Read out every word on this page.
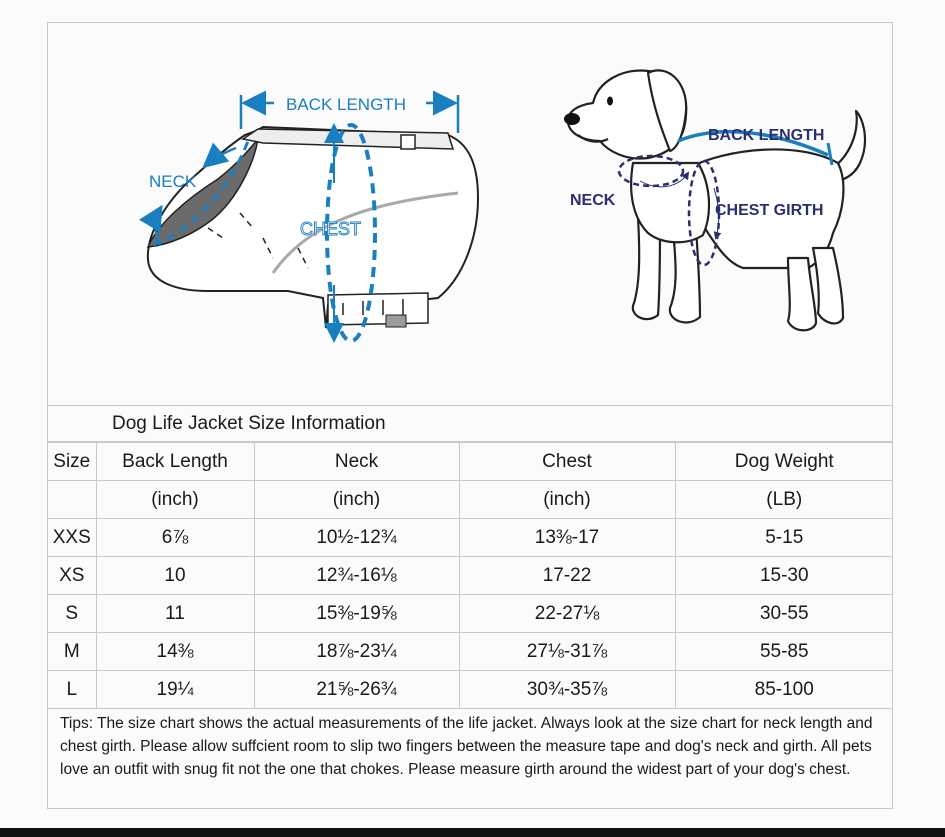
BACK LENGTH
NECK
CHEST
BACK LENGTH
NECK
CHEST GIRTH
Dog Life Jacket Size Information
Size	Back Length	Neck	Chest	Dog Weight
	(inch)	(inch)	(inch)	(LB)
XXS	6⅞	10½-12¾	13⅜-17	5-15
XS	10	12¾-16⅛	17-22	15-30
S	11	15⅜-19⅝	22-27⅛	30-55
M	14⅜	18⅞-23¼	27⅛-31⅞	55-85
L	19¼	21⅝-26¾	30¾-35⅞	85-100
Tips: The size chart shows the actual measurements of the life jacket. Always look at the size chart for neck length and chest girth. Please allow suffcient room to slip two fingers between the measure tape and dog's neck and girth. All pets love an outfit with snug fit not the one that chokes. Please measure girth around the widest part of your dog's chest.
